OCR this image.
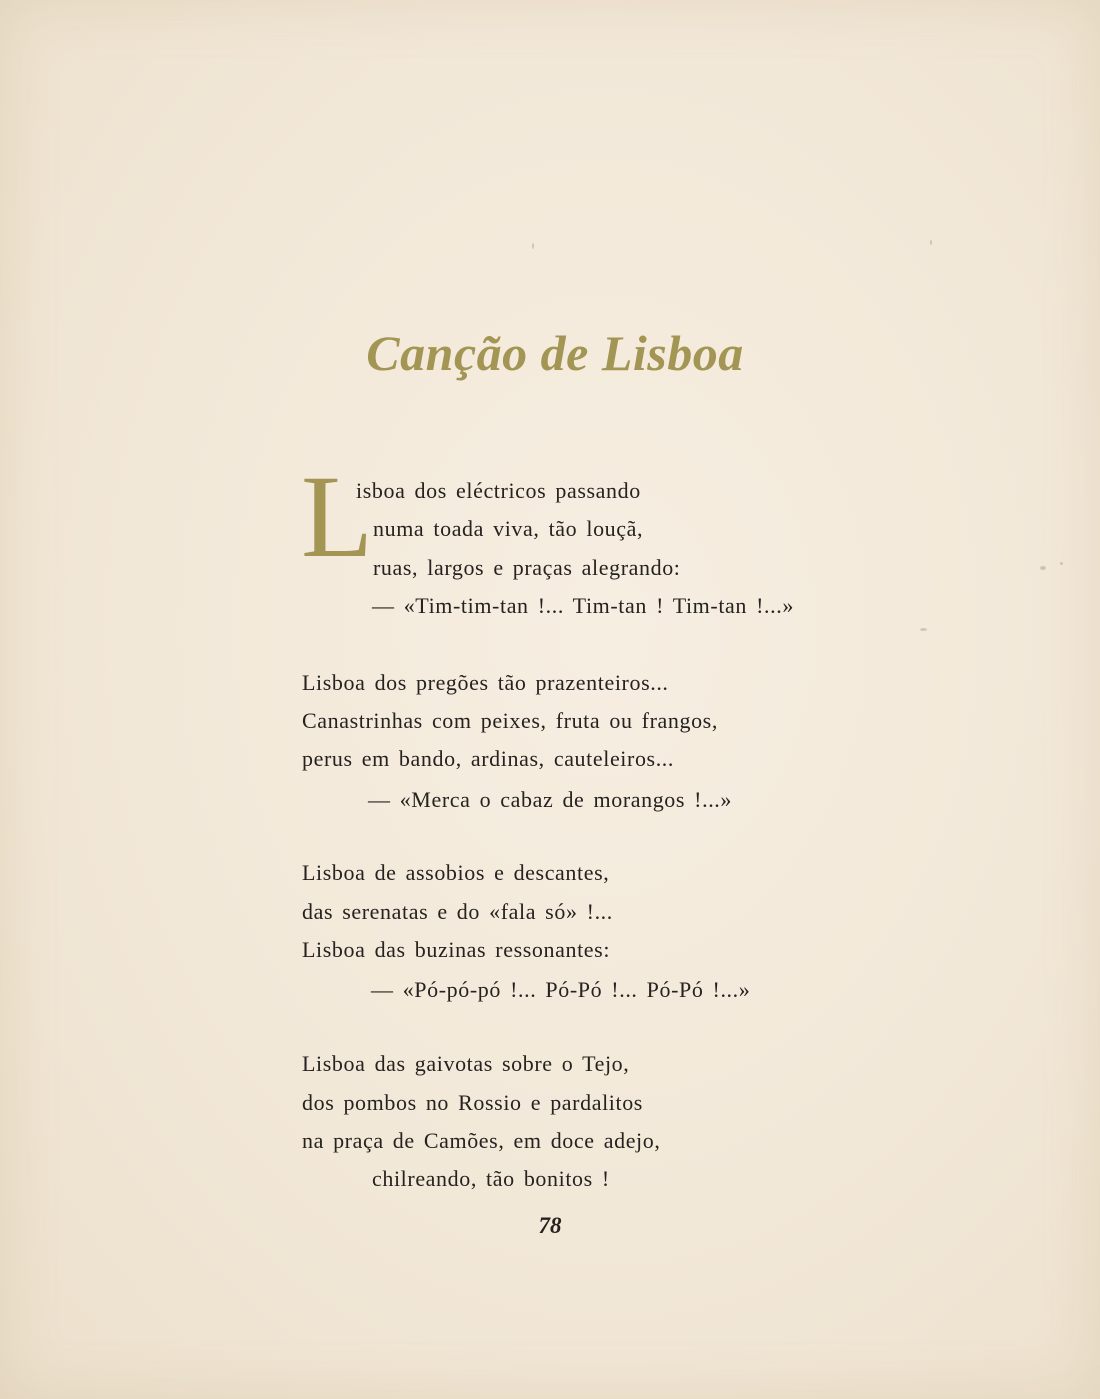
Canção de Lisboa
L
isboa dos eléctricos passando
numa toada viva, tão louçã,
ruas, largos e praças alegrando:
— «Tim-tim-tan !... Tim-tan ! Tim-tan !...»
Lisboa dos pregões tão prazenteiros...
Canastrinhas com peixes, fruta ou frangos,
perus em bando, ardinas, cauteleiros...
— «Merca o cabaz de morangos !...»
Lisboa de assobios e descantes,
das serenatas e do «fala só» !...
Lisboa das buzinas ressonantes:
— «Pó-pó-pó !... Pó-Pó !... Pó-Pó !...»
Lisboa das gaivotas sobre o Tejo,
dos pombos no Rossio e pardalitos
na praça de Camões, em doce adejo,
chilreando, tão bonitos !
78
